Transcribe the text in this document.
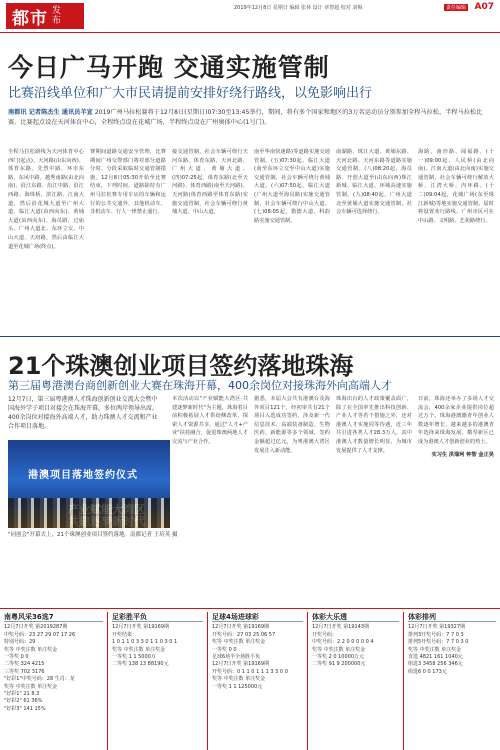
都市 发布
2019年12月8日 星期日 编辑 张林 设计 章智超 校对 刘梅	责任编辑 A07
今日广马开跑 交通实施管制
比赛沿线单位和广大市民请提前安排好绕行路线，以免影响出行
南都讯 记者陈杰生 通讯员羊宣 2019广州马拉松赛将于12月8日(星期日)07:30至13:45举行，期间，将有多个国家和地区的3万名运动员分别参加全程马拉松、半程马拉松比赛。比赛起点设在天河体育中心，全程终点设在花城广场，半程终点设在广州奥体中心(1号门)。
全程马拉松路线为天河体育中心西门(起点)、天河路(由东向西)、体育东路、先烈中路、环市东路、东风中路、越秀南路(由北向南)、沿江东路、沿江中路、沿江西路、海珠桥、滨江路、江南大道，然后沿花城大道至广州大道、临江大道(由西向东)、黄埔大道(由西向东)、海员路，过庙头、广州大道北、东环立交、中山大道、天府路，然后由临江大道至花城广场(终点)。
赛期间道路交通安全管理，比赛期间广州交警部门将对部分道路分时、分段采取临时交通管制措施。12月8日05:30开始至比赛结束，下列时间，道路除持有广州马拉松赛专用车证的车辆和运行的公共交通外，其他机动车、非机动车、行人一律禁止通行。
接交通管制，社会车辆可绕行天河东路、体育东路、天河北路、广州大道、黄埔大道。(四)07:25起，体育东路(北至天河路)、体育西路(南至天河路)、天河路(体育西路至体育东路)实施交通管制，社会车辆可绕行黄埔大道、中山大道。
南至华南快速路)等道路实施交通管制。(五)07:30起，临江大道(南至东环立交至中山大道)实施交通管制，社会车辆可绕行黄埔大道。(六)07:50起，临江大道(广州大道至海员路)实施交通管制，社会车辆可绕行中山大道。(七)08:05起，猎德大道、科韵路实施交通管制。
南湖路、珠江大道、黄埔东路、天河北路、天河东路等道路实施交通管制。(八)08:20起，海员路、开创大道至(由东向西)珠江新城、临江大道、环城高速实施管制。(九)08:40起，广州大道北至黄埔大道实施交通管制，社会车辆可选择绕行。
海路、南沙路、阅福路。(十一)09:00起，人民桥(由北向南)、江南大道(由北向南)实施交通管制，社会车辆可绕行解放大桥、江湾大桥、内环路。(十二)09:04起，花城广场(东至珠江新城)等地实施交通管制，届时将设置劝行路线。广州市民可在中山路、文明路、艺苑路绕行。
21个珠澳创业项目签约落地珠海
第三届粤港澳台商创新创业大赛在珠海开幕，400余岗位对接珠海外向高端人才
12月7日，第三届粤港澳人才珠海创新创业交流大会暨中国海外学子项目对接会在珠海开幕，多位两岸领导出席。400余岗位对接海外高端人才，助力珠澳人才交流和产业合作项目落地。
港澳项目落地签约仪式
"同创会"开幕式上，21个珠澳创业项目签约落地。南都记者 王培英 摄
本次活动以"产业赋能大湾区·共建逐梦新时代"为主题，珠海着目前积极拓展人才供给侧改革，探索人才资源共享，通过"人才+产业"扶持融合，促进珠澳两地人才交流与产业合作。
据悉，本届大会共有港澳台及海外项目121个，经初审共有21个项目入选成功签约，涉及新一代信息技术、高端装备制造、生物医药、新能源等多个领域，签约金额超过亿元，为粤港澳大湾区发展注入新动能。
珠海出台的人才政策覆盖面广，除了在全国率先推出科技创新、产业人才等若干措施之外，还对港澳人才实施同等待遇，近三年共引进各类人才28.3万人，其中港澳人才数量增长明显，为城市发展提供了人才支撑。
日前，珠海还举办了多场人才交流会，400余家企业提供岗位超过万个。珠海港澳籍青年创业人数逐年增长，越来越多的港澳青年选择来珠海发展，横琴新区已成为港澳人才创新创业的热土。
实习生 洪瑞珂 钟智 金正昊
南粤风采36选7
12月7日开奖 第2019287期
中奖号码：23 27 29 07 17 26
特别号码：29
奖等 中奖注数 单注奖金
一等奖 0 0
二等奖 324 4215
三等奖 702 3176
"好彩1"中奖号码：28 生肖：龙
奖等 中奖注数 单注奖金
"好彩1" 21 8.3
"好彩2" 61 36%
"好彩3" 141 15%
足彩胜平负
12月7日开奖 第19169期
开奖结果：
1 0 1 1 0 3 3 0 1 1 0 3 0 1
奖等 中奖注数 单注奖金
一等奖 1 1 5000万
二等奖 138 13 88190元
足球4场进球彩
12月7日开奖 第19169期
开奖号码：27 03 25 06 57
奖等 中奖注数 单注奖金
一等奖 0 0
足球6场半全场胜平负
12月7日开奖 第19169期
开奖号码：0 1 1 0 1 1 1 3 3 0 0
奖等 中奖注数 单注奖金
一等奖 1 1 125000元
体彩大乐透
12月7日开奖 第19143期
开奖号码：
中奖号码：2 2 0 0 0 0 0 4
奖等 中奖注数 单注奖金
一等奖 2 0 10000万元
二等奖 91 9 200000元
体彩排列
12月7日开奖 第19327期
排列3开奖号码：7 7 0 3
排列5开奖号码：7 7 0 3 0
奖等 中奖注数 单注奖金
直选 4821 161 1040元
组选3 3458 256 346元
组选6 0 0 173元
